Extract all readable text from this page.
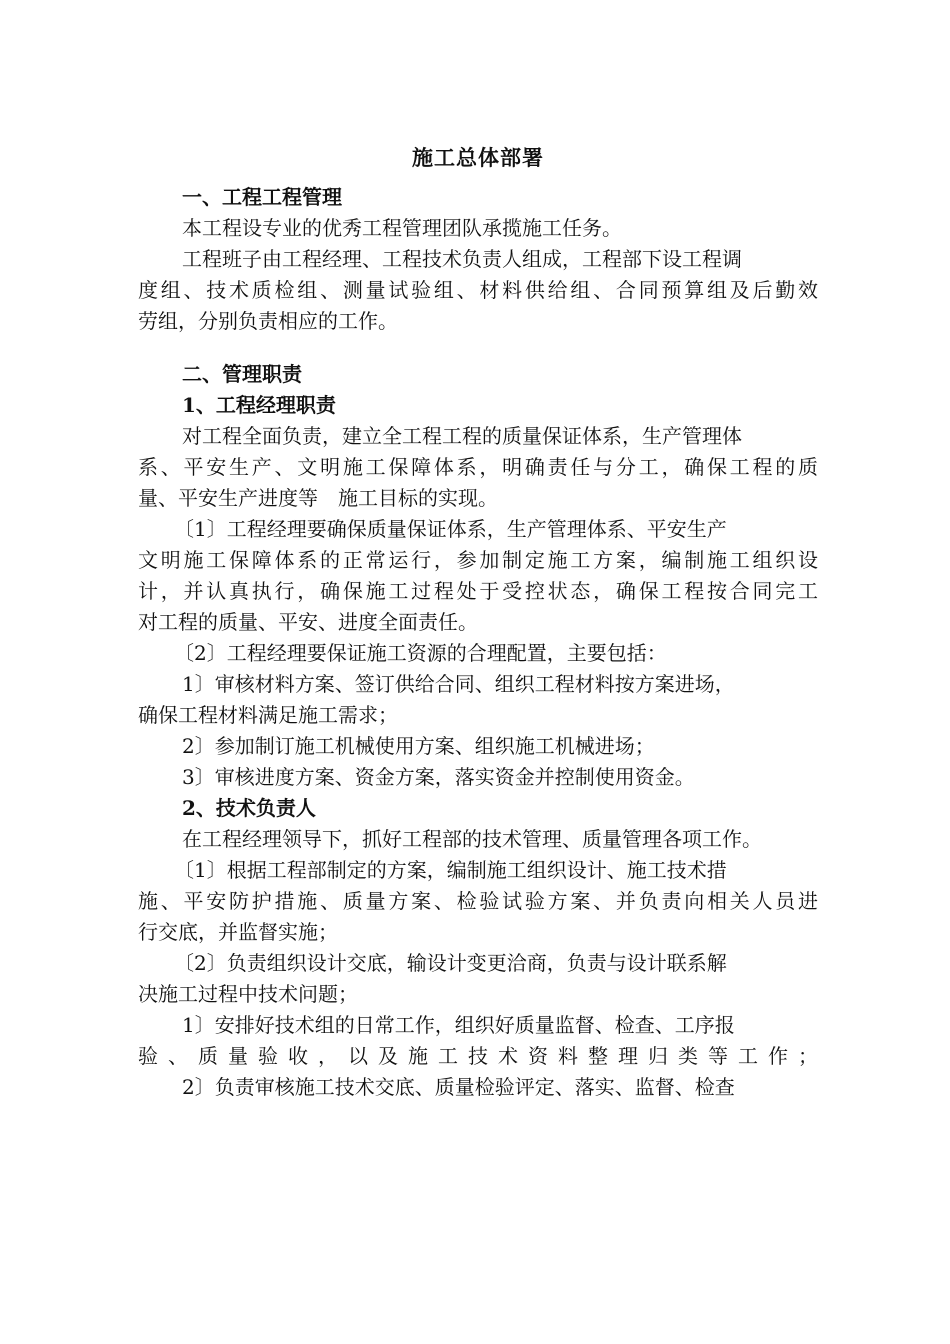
施工总体部署
一、工程工程管理
本工程设专业的优秀工程管理团队承揽施工任务。
工程班子由工程经理、工程技术负责人组成，工程部下设工程调
度组、技术质检组、测量试验组、材料供给组、合同预算组及后勤效
劳组，分别负责相应的工作。
二、管理职责
1、工程经理职责
对工程全面负责，建立全工程工程的质量保证体系，生产管理体
系、平安生产、文明施工保障体系，明确责任与分工，确保工程的质
量、平安生产进度等　施工目标的实现。
〔1〕工程经理要确保质量保证体系，生产管理体系、平安生产
文明施工保障体系的正常运行，参加制定施工方案，编制施工组织设
计，并认真执行，确保施工过程处于受控状态，确保工程按合同完工
对工程的质量、平安、进度全面责任。
〔2〕工程经理要保证施工资源的合理配置，主要包括：
1〕审核材料方案、签订供给合同、组织工程材料按方案进场，
确保工程材料满足施工需求；
2〕参加制订施工机械使用方案、组织施工机械进场；
3〕审核进度方案、资金方案，落实资金并控制使用资金。
2、技术负责人
在工程经理领导下，抓好工程部的技术管理、质量管理各项工作。
〔1〕根据工程部制定的方案，编制施工组织设计、施工技术措
施、平安防护措施、质量方案、检验试验方案、并负责向相关人员进
行交底，并监督实施；
〔2〕负责组织设计交底，输设计变更洽商，负责与设计联系解
决施工过程中技术问题；
1〕安排好技术组的日常工作，组织好质量监督、检查、工序报
验、质量验收，以及施工技术资料整理归类等工作；
2〕负责审核施工技术交底、质量检验评定、落实、监督、检查
